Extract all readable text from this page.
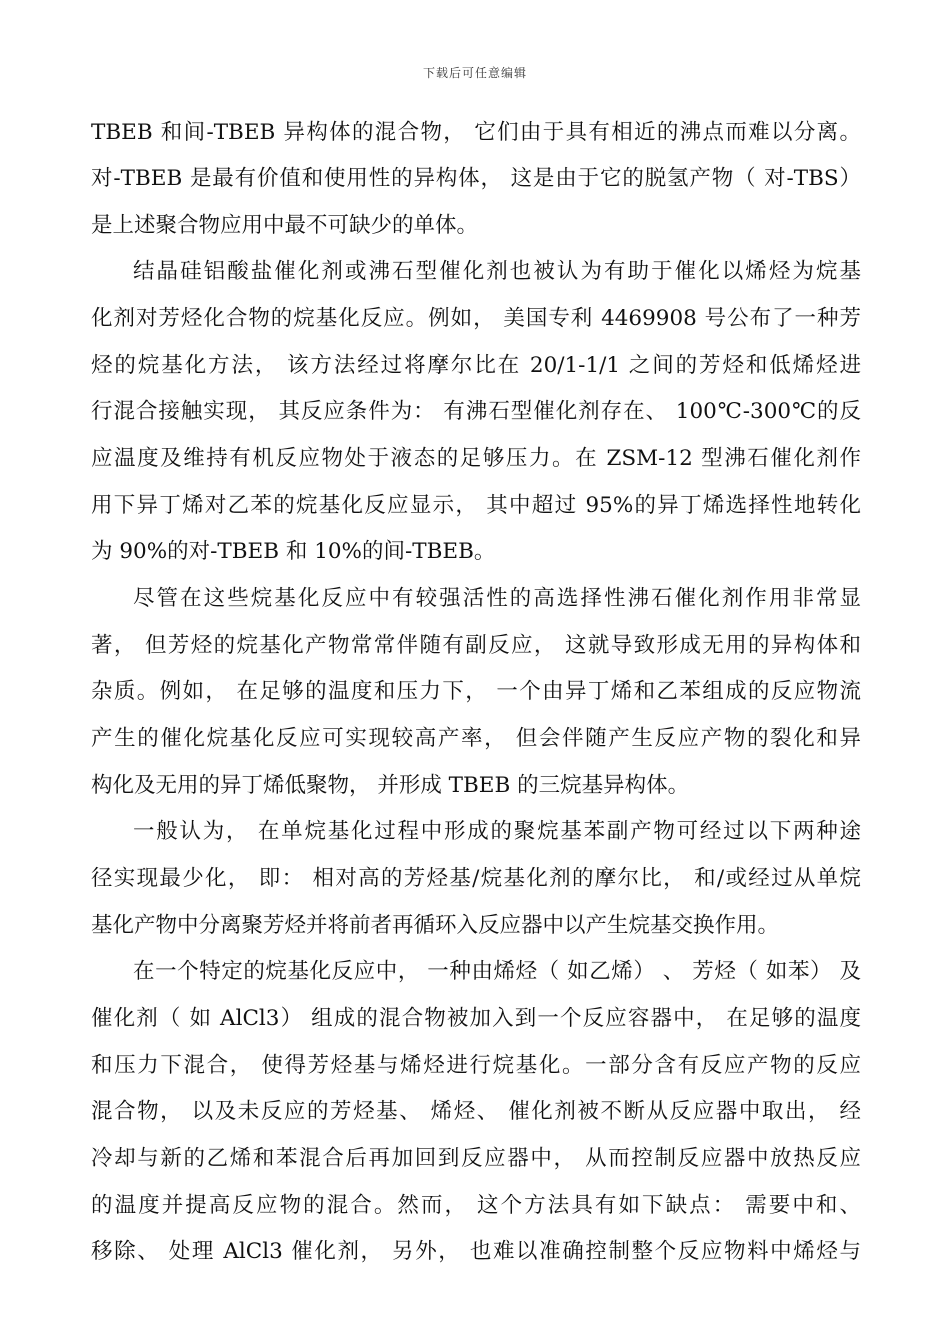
下载后可任意编辑
TBEB 和间-TBEB 异构体的混合物， 它们由于具有相近的沸点而难以分离。
对-TBEB 是最有价值和使用性的异构体， 这是由于它的脱氢产物（ 对-TBS）
是上述聚合物应用中最不可缺少的单体。
结晶硅铝酸盐催化剂或沸石型催化剂也被认为有助于催化以烯烃为烷基
化剂对芳烃化合物的烷基化反应。例如， 美国专利 4469908 号公布了一种芳
烃的烷基化方法， 该方法经过将摩尔比在 20/1-1/1 之间的芳烃和低烯烃进
行混合接触实现， 其反应条件为： 有沸石型催化剂存在、 100℃-300℃的反
应温度及维持有机反应物处于液态的足够压力。在 ZSM-12 型沸石催化剂作
用下异丁烯对乙苯的烷基化反应显示， 其中超过 95%的异丁烯选择性地转化
为 90%的对-TBEB 和 10%的间-TBEB。
尽管在这些烷基化反应中有较强活性的高选择性沸石催化剂作用非常显
著， 但芳烃的烷基化产物常常伴随有副反应， 这就导致形成无用的异构体和
杂质。例如， 在足够的温度和压力下， 一个由异丁烯和乙苯组成的反应物流
产生的催化烷基化反应可实现较高产率， 但会伴随产生反应产物的裂化和异
构化及无用的异丁烯低聚物， 并形成 TBEB 的三烷基异构体。
一般认为， 在单烷基化过程中形成的聚烷基苯副产物可经过以下两种途
径实现最少化， 即： 相对高的芳烃基/烷基化剂的摩尔比， 和/或经过从单烷
基化产物中分离聚芳烃并将前者再循环入反应器中以产生烷基交换作用。
在一个特定的烷基化反应中， 一种由烯烃（ 如乙烯） 、 芳烃（ 如苯） 及
催化剂（ 如 AlCl3） 组成的混合物被加入到一个反应容器中， 在足够的温度
和压力下混合， 使得芳烃基与烯烃进行烷基化。一部分含有反应产物的反应
混合物， 以及未反应的芳烃基、 烯烃、 催化剂被不断从反应器中取出， 经
冷却与新的乙烯和苯混合后再加回到反应器中， 从而控制反应器中放热反应
的温度并提高反应物的混合。然而， 这个方法具有如下缺点： 需要中和、
移除、 处理 AlCl3 催化剂， 另外， 也难以准确控制整个反应物料中烯烃与
